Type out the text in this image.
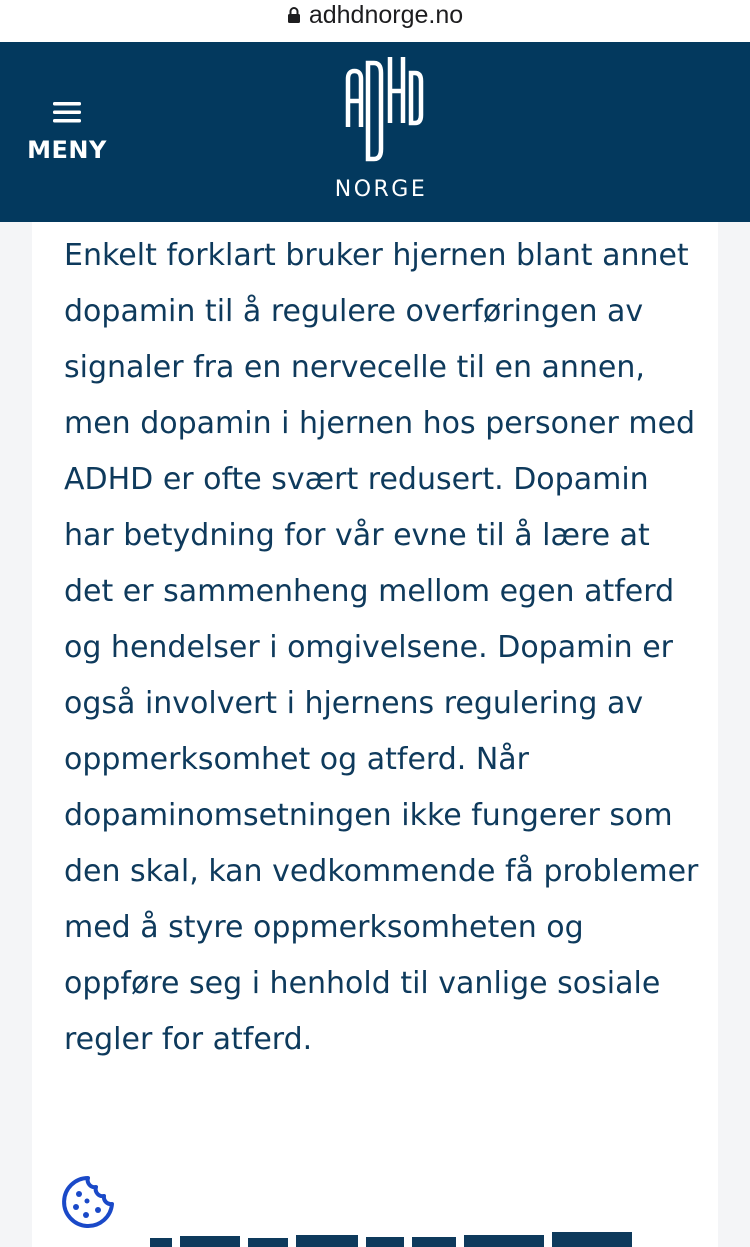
adhdnorge.no
MENY
NORGE

Enkelt forklart bruker hjernen blant annet dopamin til å regulere overføringen av signaler fra en nervecelle til en annen, men dopamin i hjernen hos personer med ADHD er ofte svært redusert. Dopamin har betydning for vår evne til å lære at det er sammenheng mellom egen atferd og hendelser i omgivelsene. Dopamin er også involvert i hjernens regulering av oppmerksomhet og atferd. Når dopaminomsetningen ikke fungerer som den skal, kan vedkommende få problemer med å styre oppmerksomheten og oppføre seg i henhold til vanlige sosiale regler for atferd.
